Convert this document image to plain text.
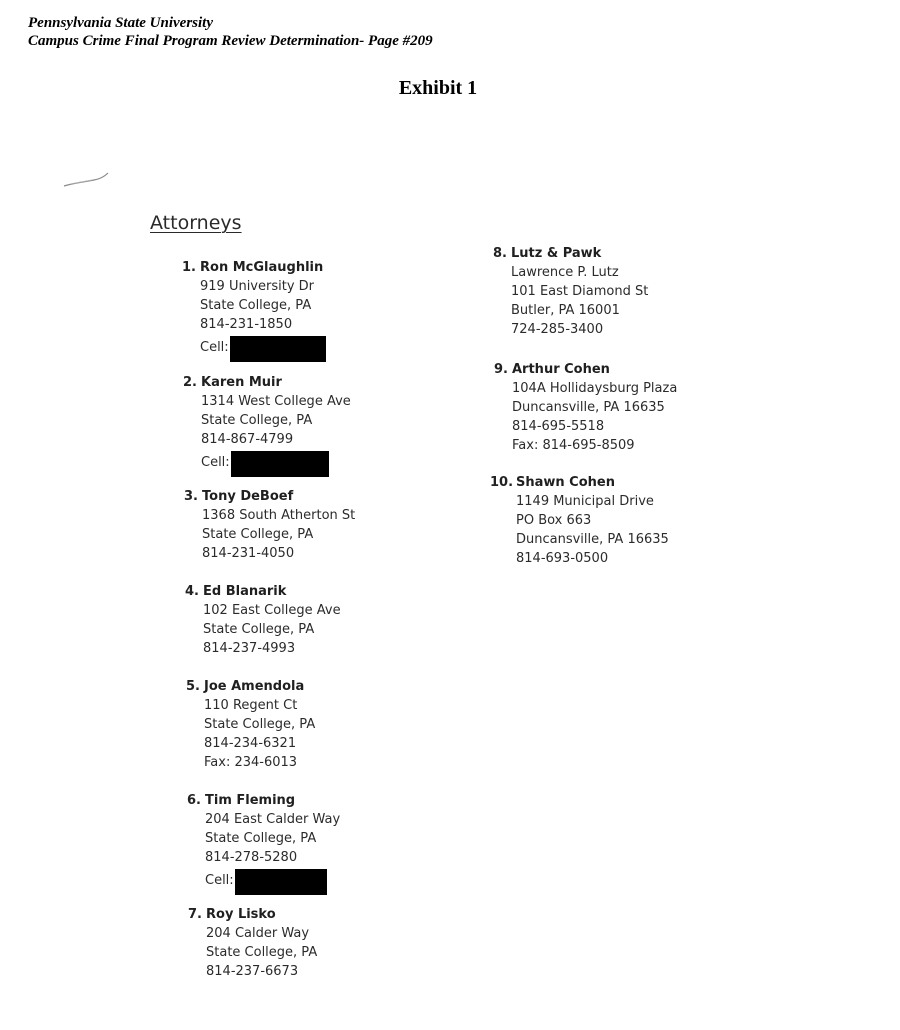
Pennsylvania State University
Campus Crime Final Program Review Determination- Page #209
Exhibit 1
Attorneys
1. Ron McGlaughlin
919 University Dr
State College, PA
814-231-1850
Cell:
2. Karen Muir
1314 West College Ave
State College, PA
814-867-4799
Cell:
3. Tony DeBoef
1368 South Atherton St
State College, PA
814-231-4050
4. Ed Blanarik
102 East College Ave
State College, PA
814-237-4993
5. Joe Amendola
110 Regent Ct
State College, PA
814-234-6321
Fax: 234-6013
6. Tim Fleming
204 East Calder Way
State College, PA
814-278-5280
Cell:
7. Roy Lisko
204 Calder Way
State College, PA
814-237-6673
8. Lutz & Pawk
Lawrence P. Lutz
101 East Diamond St
Butler, PA 16001
724-285-3400
9. Arthur Cohen
104A Hollidaysburg Plaza
Duncansville, PA 16635
814-695-5518
Fax: 814-695-8509
10. Shawn Cohen
1149 Municipal Drive
PO Box 663
Duncansville, PA 16635
814-693-0500
